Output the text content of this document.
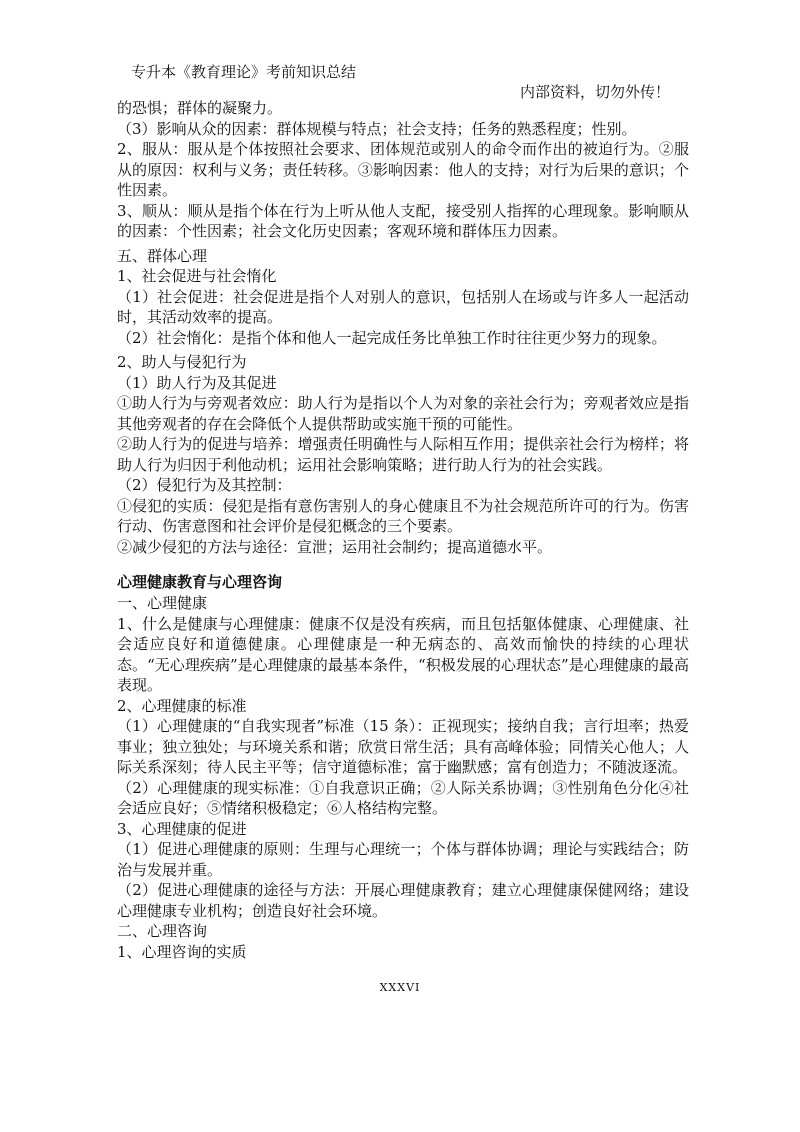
专升本《教育理论》考前知识总结
内部资料，切勿外传！

的恐惧；群体的凝聚力。

（3）影响从众的因素：群体规模与特点；社会支持；任务的熟悉程度；性别。

2、服从：服从是个体按照社会要求、团体规范或别人的命令而作出的被迫行为。②服从的原因：权利与义务；责任转移。③影响因素：他人的支持；对行为后果的意识；个性因素。

3、顺从：顺从是指个体在行为上听从他人支配，接受别人指挥的心理现象。影响顺从的因素：个性因素；社会文化历史因素；客观环境和群体压力因素。

五、群体心理

1、社会促进与社会惰化

（1）社会促进：社会促进是指个人对别人的意识，包括别人在场或与许多人一起活动时，其活动效率的提高。

（2）社会惰化：是指个体和他人一起完成任务比单独工作时往往更少努力的现象。

2、助人与侵犯行为

（1）助人行为及其促进

①助人行为与旁观者效应：助人行为是指以个人为对象的亲社会行为；旁观者效应是指其他旁观者的存在会降低个人提供帮助或实施干预的可能性。

②助人行为的促进与培养：增强责任明确性与人际相互作用；提供亲社会行为榜样；将助人行为归因于利他动机；运用社会影响策略；进行助人行为的社会实践。

（2）侵犯行为及其控制：

①侵犯的实质：侵犯是指有意伤害别人的身心健康且不为社会规范所许可的行为。伤害行动、伤害意图和社会评价是侵犯概念的三个要素。

②减少侵犯的方法与途径：宣泄；运用社会制约；提高道德水平。

心理健康教育与心理咨询

一、心理健康

1、什么是健康与心理健康：健康不仅是没有疾病，而且包括躯体健康、心理健康、社会适应良好和道德健康。心理健康是一种无病态的、高效而愉快的持续的心理状态。“无心理疾病”是心理健康的最基本条件，“积极发展的心理状态”是心理健康的最高表现。

2、心理健康的标准

（1）心理健康的“自我实现者”标准（15 条）：正视现实；接纳自我；言行坦率；热爱事业；独立独处；与环境关系和谐；欣赏日常生活；具有高峰体验；同情关心他人；人际关系深刻；待人民主平等；信守道德标准；富于幽默感；富有创造力；不随波逐流。

（2）心理健康的现实标准：①自我意识正确；②人际关系协调；③性别角色分化④社会适应良好；⑤情绪积极稳定；⑥人格结构完整。

3、心理健康的促进

（1）促进心理健康的原则：生理与心理统一；个体与群体协调；理论与实践结合；防治与发展并重。

（2）促进心理健康的途径与方法：开展心理健康教育；建立心理健康保健网络；建设心理健康专业机构；创造良好社会环境。

二、心理咨询

1、心理咨询的实质

XXXVI
